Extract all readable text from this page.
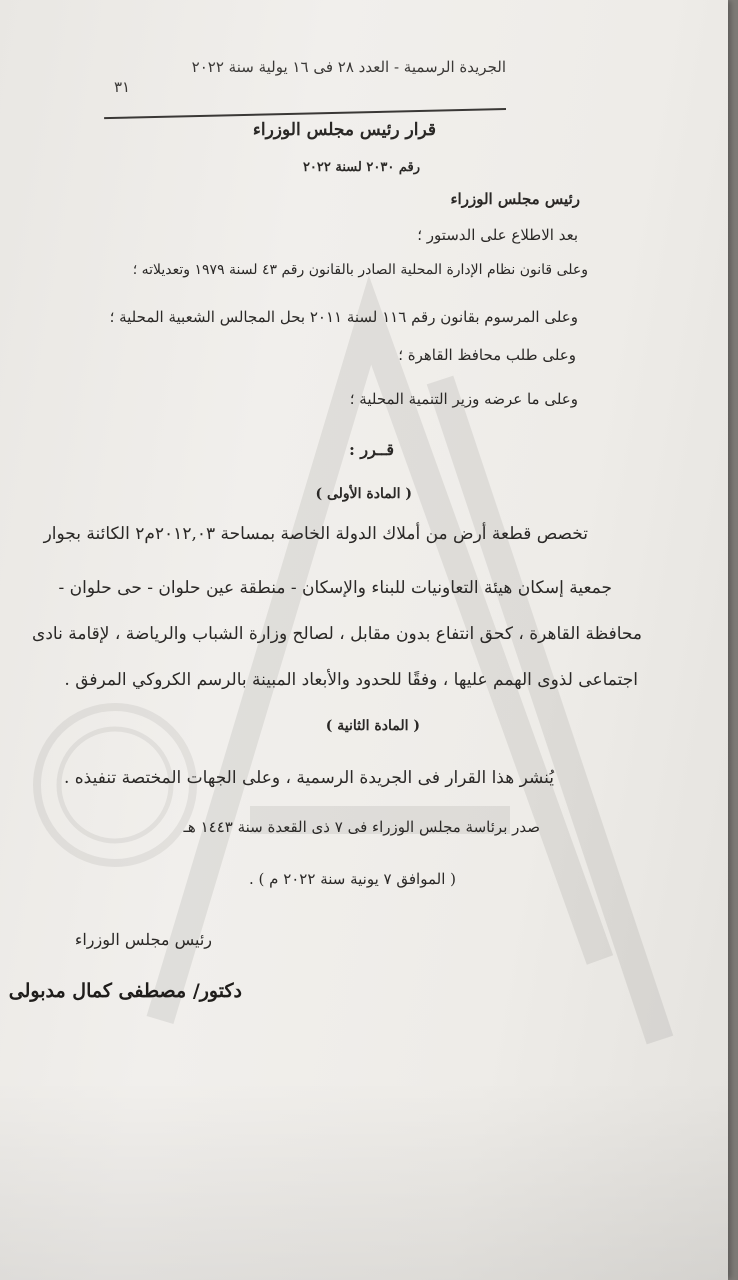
الجريدة الرسمية - العدد ٢٨ فى ١٦ يولية سنة ٢٠٢٢
٣١
قرار رئيس مجلس الوزراء
رقم ٢٠٣٠ لسنة ٢٠٢٢
رئيس مجلس الوزراء
بعد الاطلاع على الدستور ؛
وعلى قانون نظام الإدارة المحلية الصادر بالقانون رقم ٤٣ لسنة ١٩٧٩ وتعديلاته ؛
وعلى المرسوم بقانون رقم ١١٦ لسنة ٢٠١١ بحل المجالس الشعبية المحلية ؛
وعلى طلب محافظ القاهرة ؛
وعلى ما عرضه وزير التنمية المحلية ؛
قــرر :
( المادة الأولى )
تخصص قطعة أرض من أملاك الدولة الخاصة بمساحة ٢٠١٢,٠٣م٢ الكائنة بجوار
جمعية إسكان هيئة التعاونيات للبناء والإسكان - منطقة عين حلوان - حى حلوان -
محافظة القاهرة ، كحق انتفاع بدون مقابل ، لصالح وزارة الشباب والرياضة ، لإقامة نادى
اجتماعى لذوى الهمم عليها ، وفقًا للحدود والأبعاد المبينة بالرسم الكروكي المرفق .
( المادة الثانية )
يُنشر هذا القرار فى الجريدة الرسمية ، وعلى الجهات المختصة تنفيذه .
صدر برئاسة مجلس الوزراء فى ٧ ذى القعدة سنة ١٤٤٣ هـ
( الموافق ٧ يونية سنة ٢٠٢٢ م ) .
رئيس مجلس الوزراء
دكتور/ مصطفى كمال مدبولى
